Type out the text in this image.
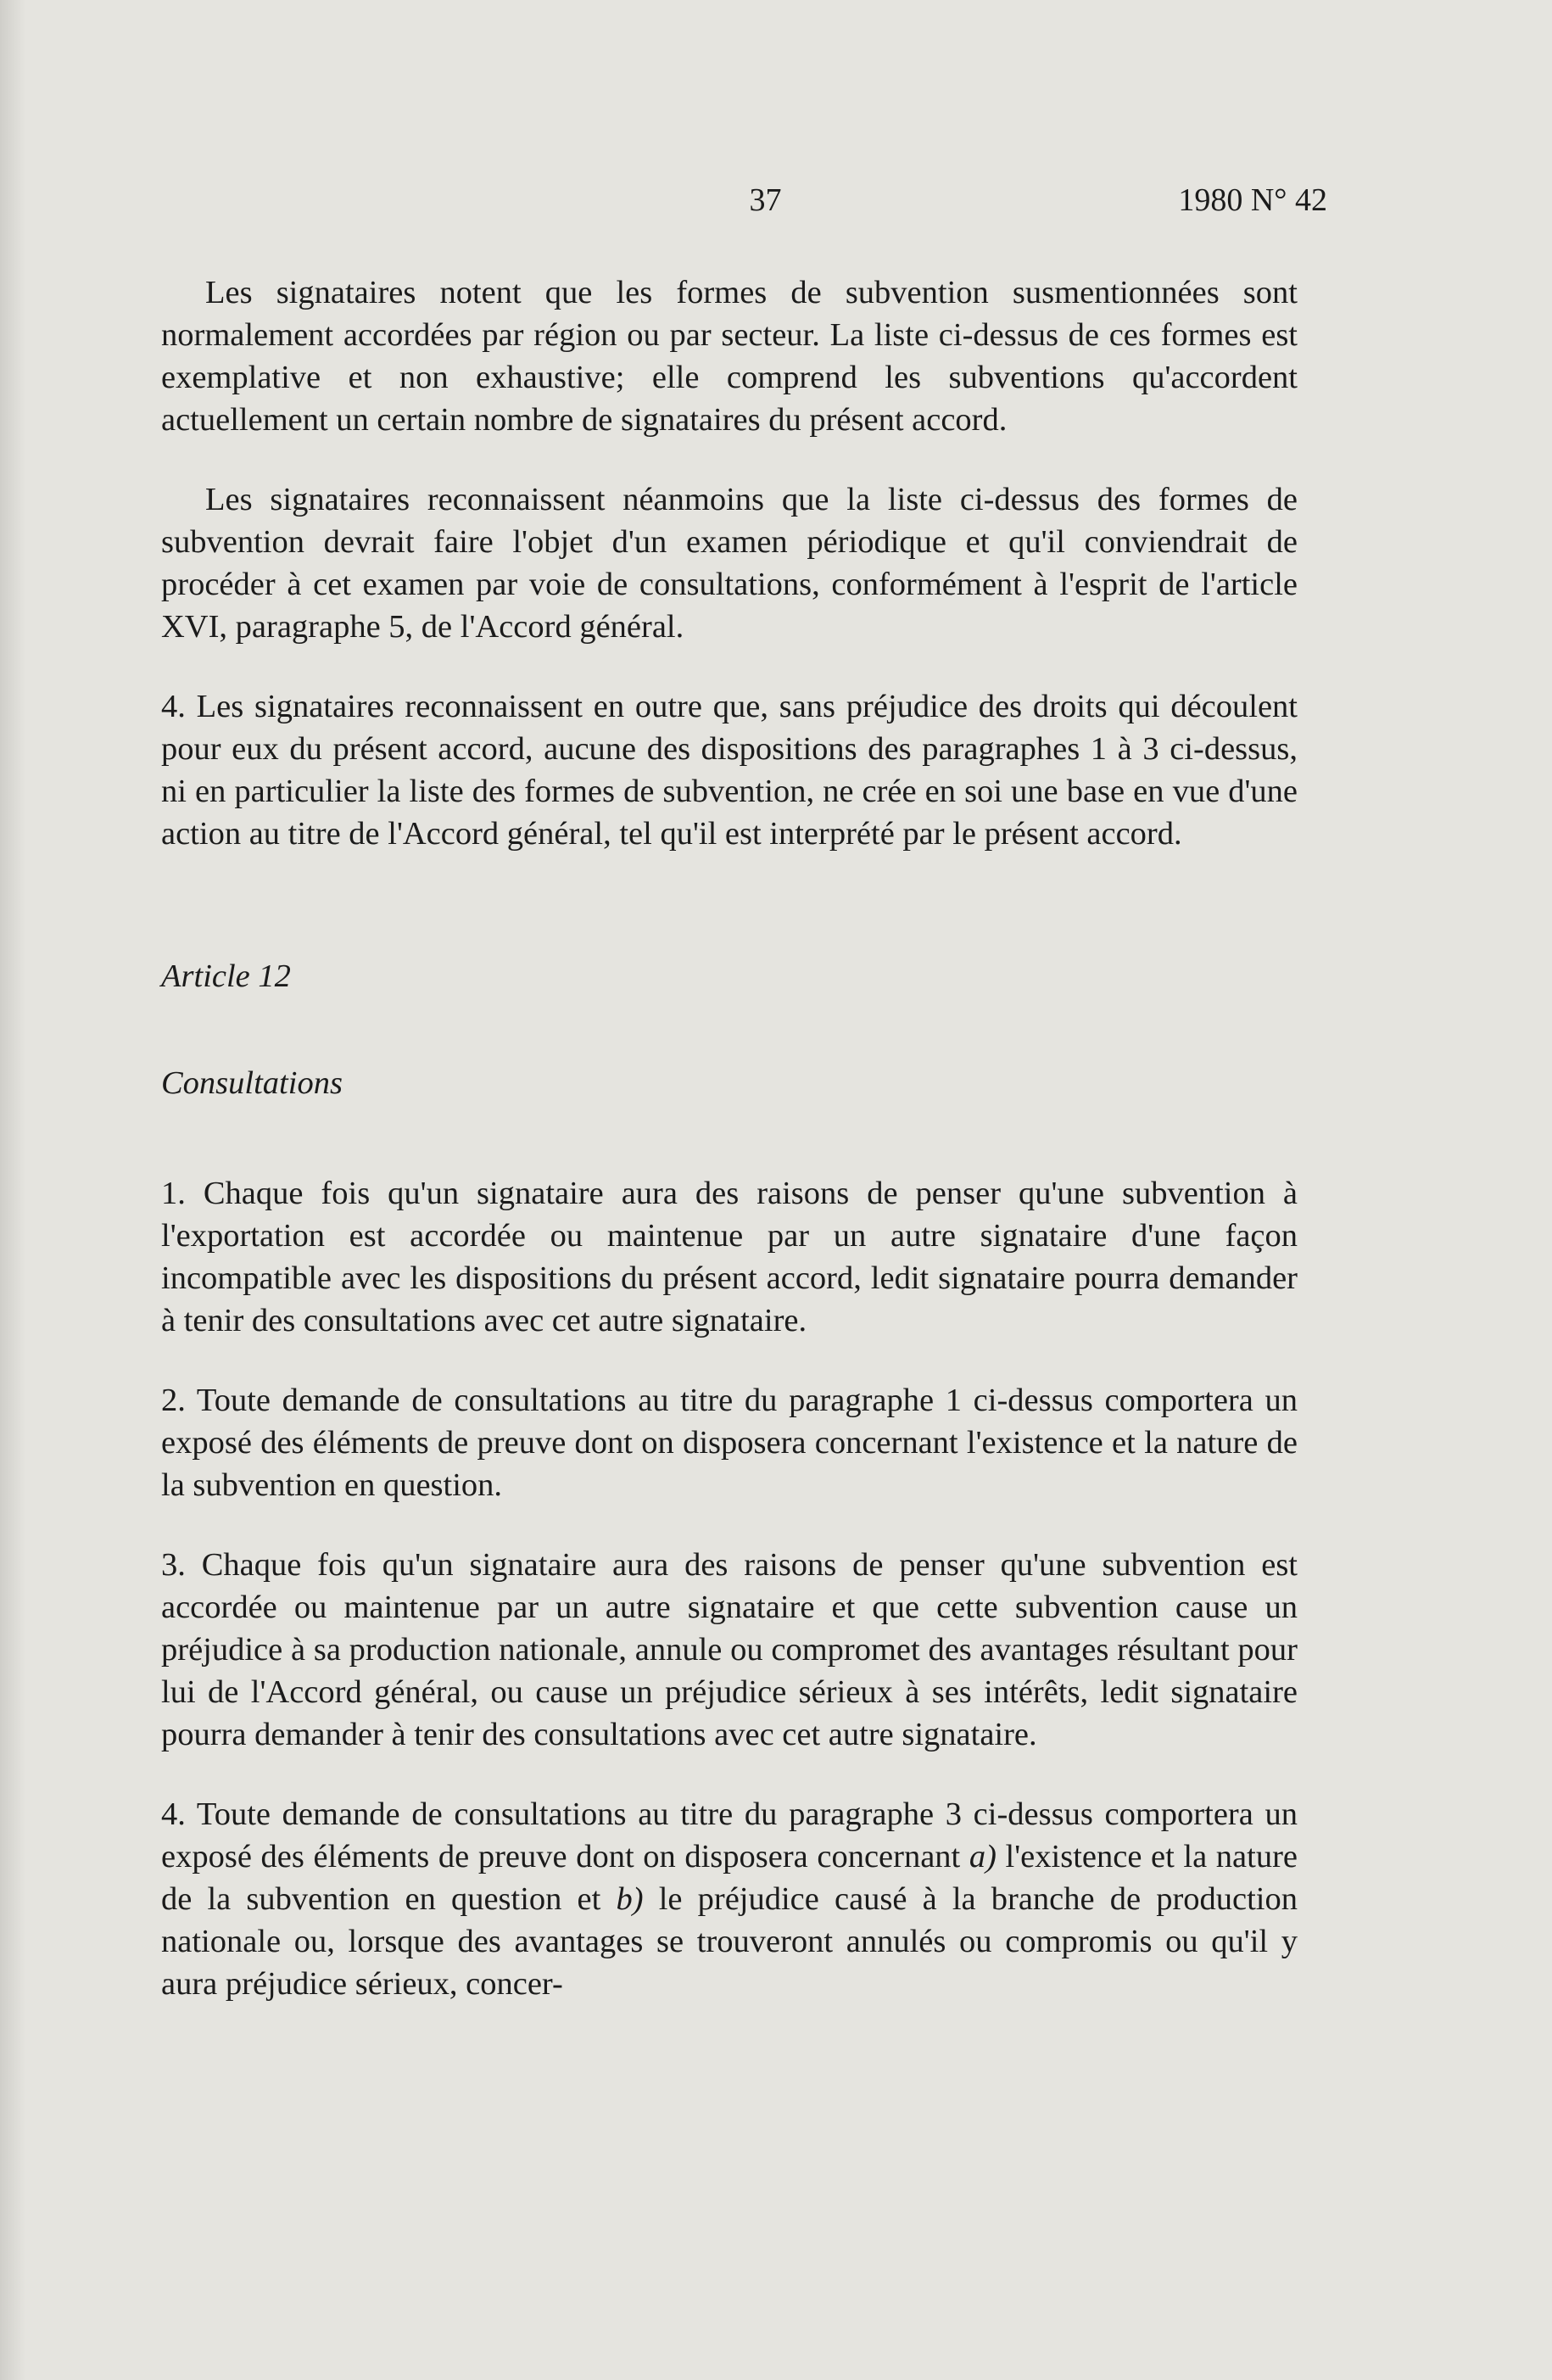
37	1980 N° 42

Les signataires notent que les formes de subvention susmentionnées sont normalement accordées par région ou par secteur. La liste ci-dessus de ces formes est exemplative et non exhaustive; elle comprend les subventions qu'accordent actuellement un certain nombre de signataires du présent accord.

Les signataires reconnaissent néanmoins que la liste ci-dessus des formes de subvention devrait faire l'objet d'un examen périodique et qu'il conviendrait de procéder à cet examen par voie de consultations, conformément à l'esprit de l'article XVI, paragraphe 5, de l'Accord général.

4. Les signataires reconnaissent en outre que, sans préjudice des droits qui découlent pour eux du présent accord, aucune des dispositions des paragraphes 1 à 3 ci-dessus, ni en particulier la liste des formes de subvention, ne crée en soi une base en vue d'une action au titre de l'Accord général, tel qu'il est interprété par le présent accord.

Article 12

Consultations

1. Chaque fois qu'un signataire aura des raisons de penser qu'une subvention à l'exportation est accordée ou maintenue par un autre signataire d'une façon incompatible avec les dispositions du présent accord, ledit signataire pourra demander à tenir des consultations avec cet autre signataire.

2. Toute demande de consultations au titre du paragraphe 1 ci-dessus comportera un exposé des éléments de preuve dont on disposera concernant l'existence et la nature de la subvention en question.

3. Chaque fois qu'un signataire aura des raisons de penser qu'une subvention est accordée ou maintenue par un autre signataire et que cette subvention cause un préjudice à sa production nationale, annule ou compromet des avantages résultant pour lui de l'Accord général, ou cause un préjudice sérieux à ses intérêts, ledit signataire pourra demander à tenir des consultations avec cet autre signataire.

4. Toute demande de consultations au titre du paragraphe 3 ci-dessus comportera un exposé des éléments de preuve dont on disposera concernant a) l'existence et la nature de la subvention en question et b) le préjudice causé à la branche de production nationale ou, lorsque des avantages se trouveront annulés ou compromis ou qu'il y aura préjudice sérieux, concer-
